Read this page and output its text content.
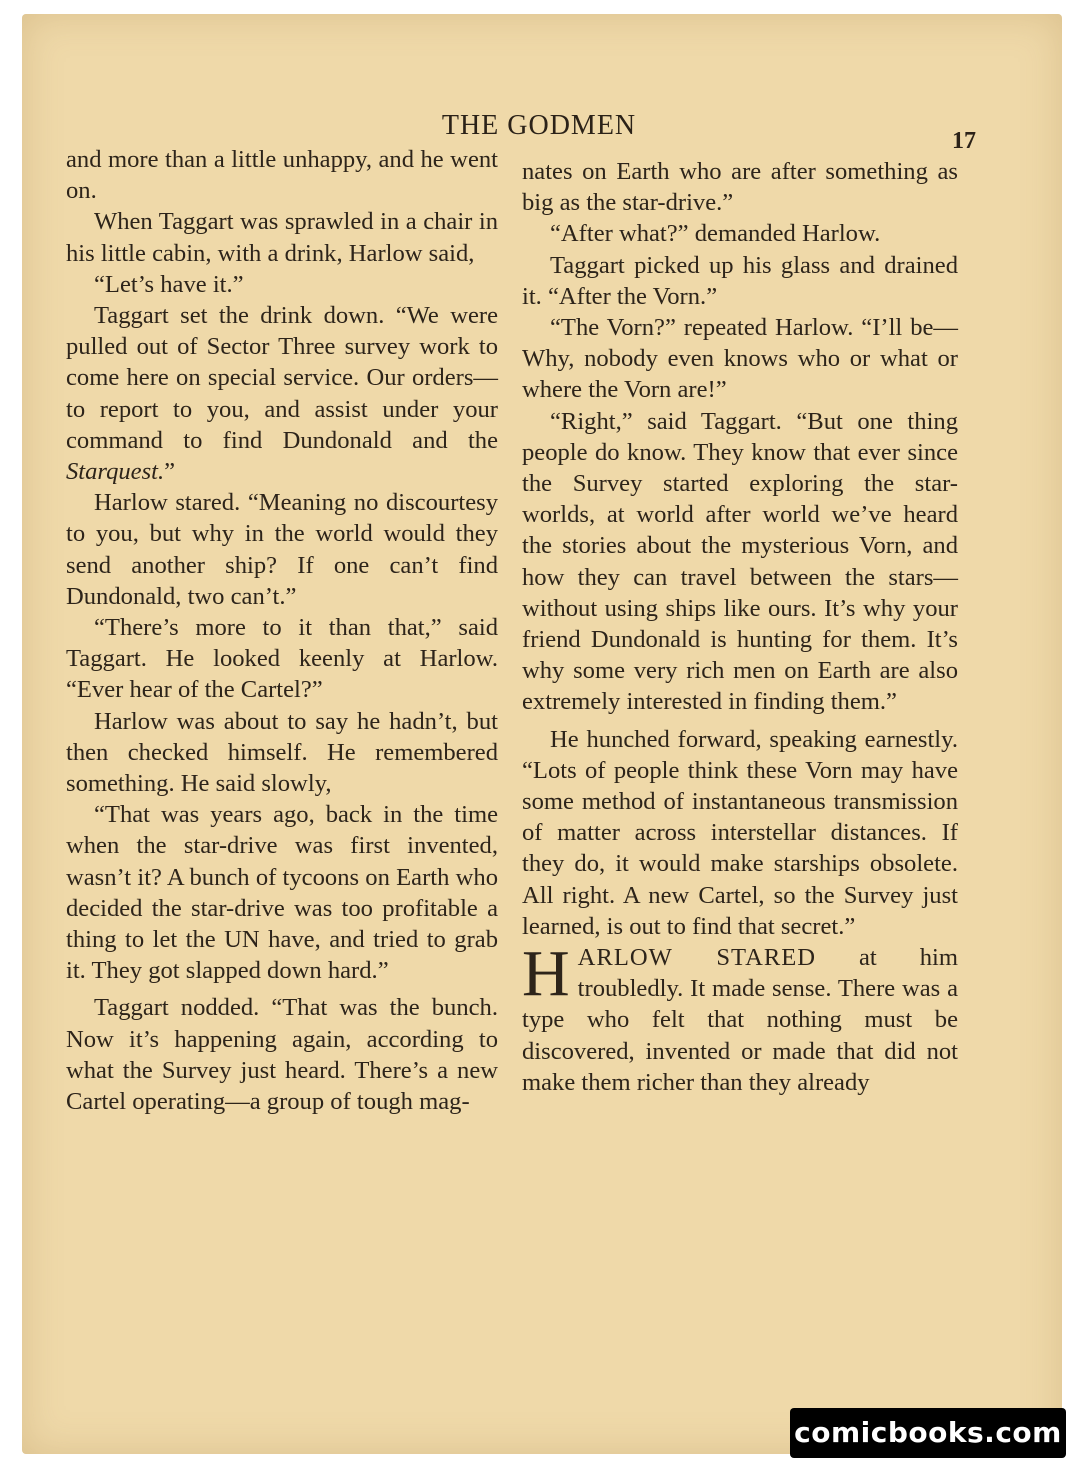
THE GODMEN	17

and more than a little unhappy, and he went on.

When Taggart was sprawled in a chair in his little cabin, with a drink, Harlow said,

“Let’s have it.”

Taggart set the drink down. “We were pulled out of Sector Three survey work to come here on special service. Our orders—to report to you, and assist under your command to find Dundonald and the Starquest.”

Harlow stared. “Meaning no discourtesy to you, but why in the world would they send another ship? If one can’t find Dundonald, two can’t.”

“There’s more to it than that,” said Taggart. He looked keenly at Harlow. “Ever hear of the Cartel?”

Harlow was about to say he hadn’t, but then checked himself. He remembered something. He said slowly,

“That was years ago, back in the time when the star-drive was first invented, wasn’t it? A bunch of tycoons on Earth who decided the star-drive was too profitable a thing to let the UN have, and tried to grab it. They got slapped down hard.”

Taggart nodded. “That was the bunch. Now it’s happening again, according to what the Survey just heard. There’s a new Cartel operating—a group of tough mag-

nates on Earth who are after something as big as the star-drive.”

“After what?” demanded Harlow.

Taggart picked up his glass and drained it. “After the Vorn.”

“The Vorn?” repeated Harlow. “I’ll be— Why, nobody even knows who or what or where the Vorn are!”

“Right,” said Taggart. “But one thing people do know. They know that ever since the Survey started exploring the star-worlds, at world after world we’ve heard the stories about the mysterious Vorn, and how they can travel between the stars—without using ships like ours. It’s why your friend Dundonald is hunting for them. It’s why some very rich men on Earth are also extremely interested in finding them.”

He hunched forward, speaking earnestly. “Lots of people think these Vorn may have some method of instantaneous transmission of matter across interstellar distances. If they do, it would make starships obsolete. All right. A new Cartel, so the Survey just learned, is out to find that secret.”

HARLOW STARED at him troubledly. It made sense. There was a type who felt that nothing must be discovered, invented or made that did not make them richer than they already

comicbooks.com
